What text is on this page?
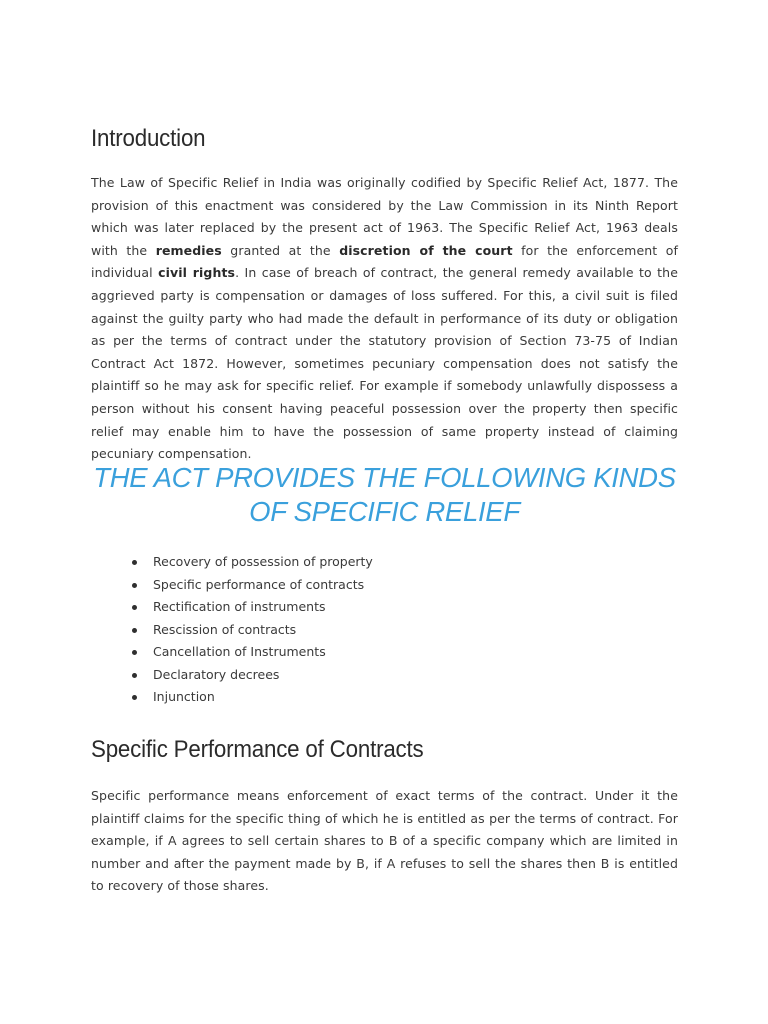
Introduction

The Law of Specific Relief in India was originally codified by Specific Relief Act, 1877. The provision of this enactment was considered by the Law Commission in its Ninth Report which was later replaced by the present act of 1963. The Specific Relief Act, 1963 deals with the remedies granted at the discretion of the court for the enforcement of individual civil rights. In case of breach of contract, the general remedy available to the aggrieved party is compensation or damages of loss suffered. For this, a civil suit is filed against the guilty party who had made the default in performance of its duty or obligation as per the terms of contract under the statutory provision of Section 73-75 of Indian Contract Act 1872. However, sometimes pecuniary compensation does not satisfy the plaintiff so he may ask for specific relief. For example if somebody unlawfully dispossess a person without his consent having peaceful possession over the property then specific relief may enable him to have the possession of same property instead of claiming pecuniary compensation.

THE ACT PROVIDES THE FOLLOWING KINDS OF SPECIFIC RELIEF
Recovery of possession of property
Specific performance of contracts
Rectification of instruments
Rescission of contracts
Cancellation of Instruments
Declaratory decrees
Injunction
Specific Performance of Contracts

Specific performance means enforcement of exact terms of the contract. Under it the plaintiff claims for the specific thing of which he is entitled as per the terms of contract. For example, if A agrees to sell certain shares to B of a specific company which are limited in number and after the payment made by B, if A refuses to sell the shares then B is entitled to recovery of those shares.
